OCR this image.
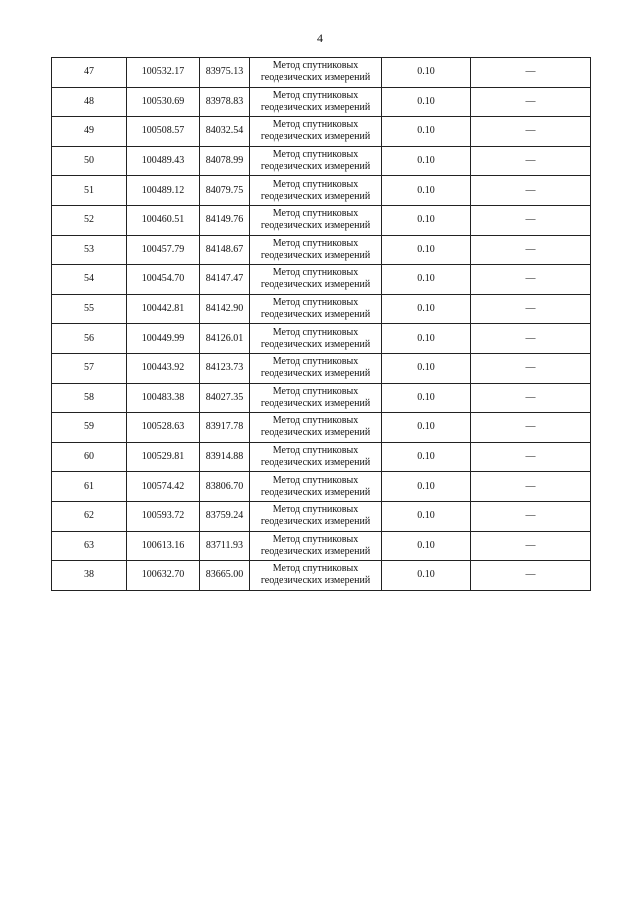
4
47	100532.17	83975.13	Метод спутниковых
геодезических измерений	0.10	—
48	100530.69	83978.83	Метод спутниковых
геодезических измерений	0.10	—
49	100508.57	84032.54	Метод спутниковых
геодезических измерений	0.10	—
50	100489.43	84078.99	Метод спутниковых
геодезических измерений	0.10	—
51	100489.12	84079.75	Метод спутниковых
геодезических измерений	0.10	—
52	100460.51	84149.76	Метод спутниковых
геодезических измерений	0.10	—
53	100457.79	84148.67	Метод спутниковых
геодезических измерений	0.10	—
54	100454.70	84147.47	Метод спутниковых
геодезических измерений	0.10	—
55	100442.81	84142.90	Метод спутниковых
геодезических измерений	0.10	—
56	100449.99	84126.01	Метод спутниковых
геодезических измерений	0.10	—
57	100443.92	84123.73	Метод спутниковых
геодезических измерений	0.10	—
58	100483.38	84027.35	Метод спутниковых
геодезических измерений	0.10	—
59	100528.63	83917.78	Метод спутниковых
геодезических измерений	0.10	—
60	100529.81	83914.88	Метод спутниковых
геодезических измерений	0.10	—
61	100574.42	83806.70	Метод спутниковых
геодезических измерений	0.10	—
62	100593.72	83759.24	Метод спутниковых
геодезических измерений	0.10	—
63	100613.16	83711.93	Метод спутниковых
геодезических измерений	0.10	—
38	100632.70	83665.00	Метод спутниковых
геодезических измерений	0.10	—
